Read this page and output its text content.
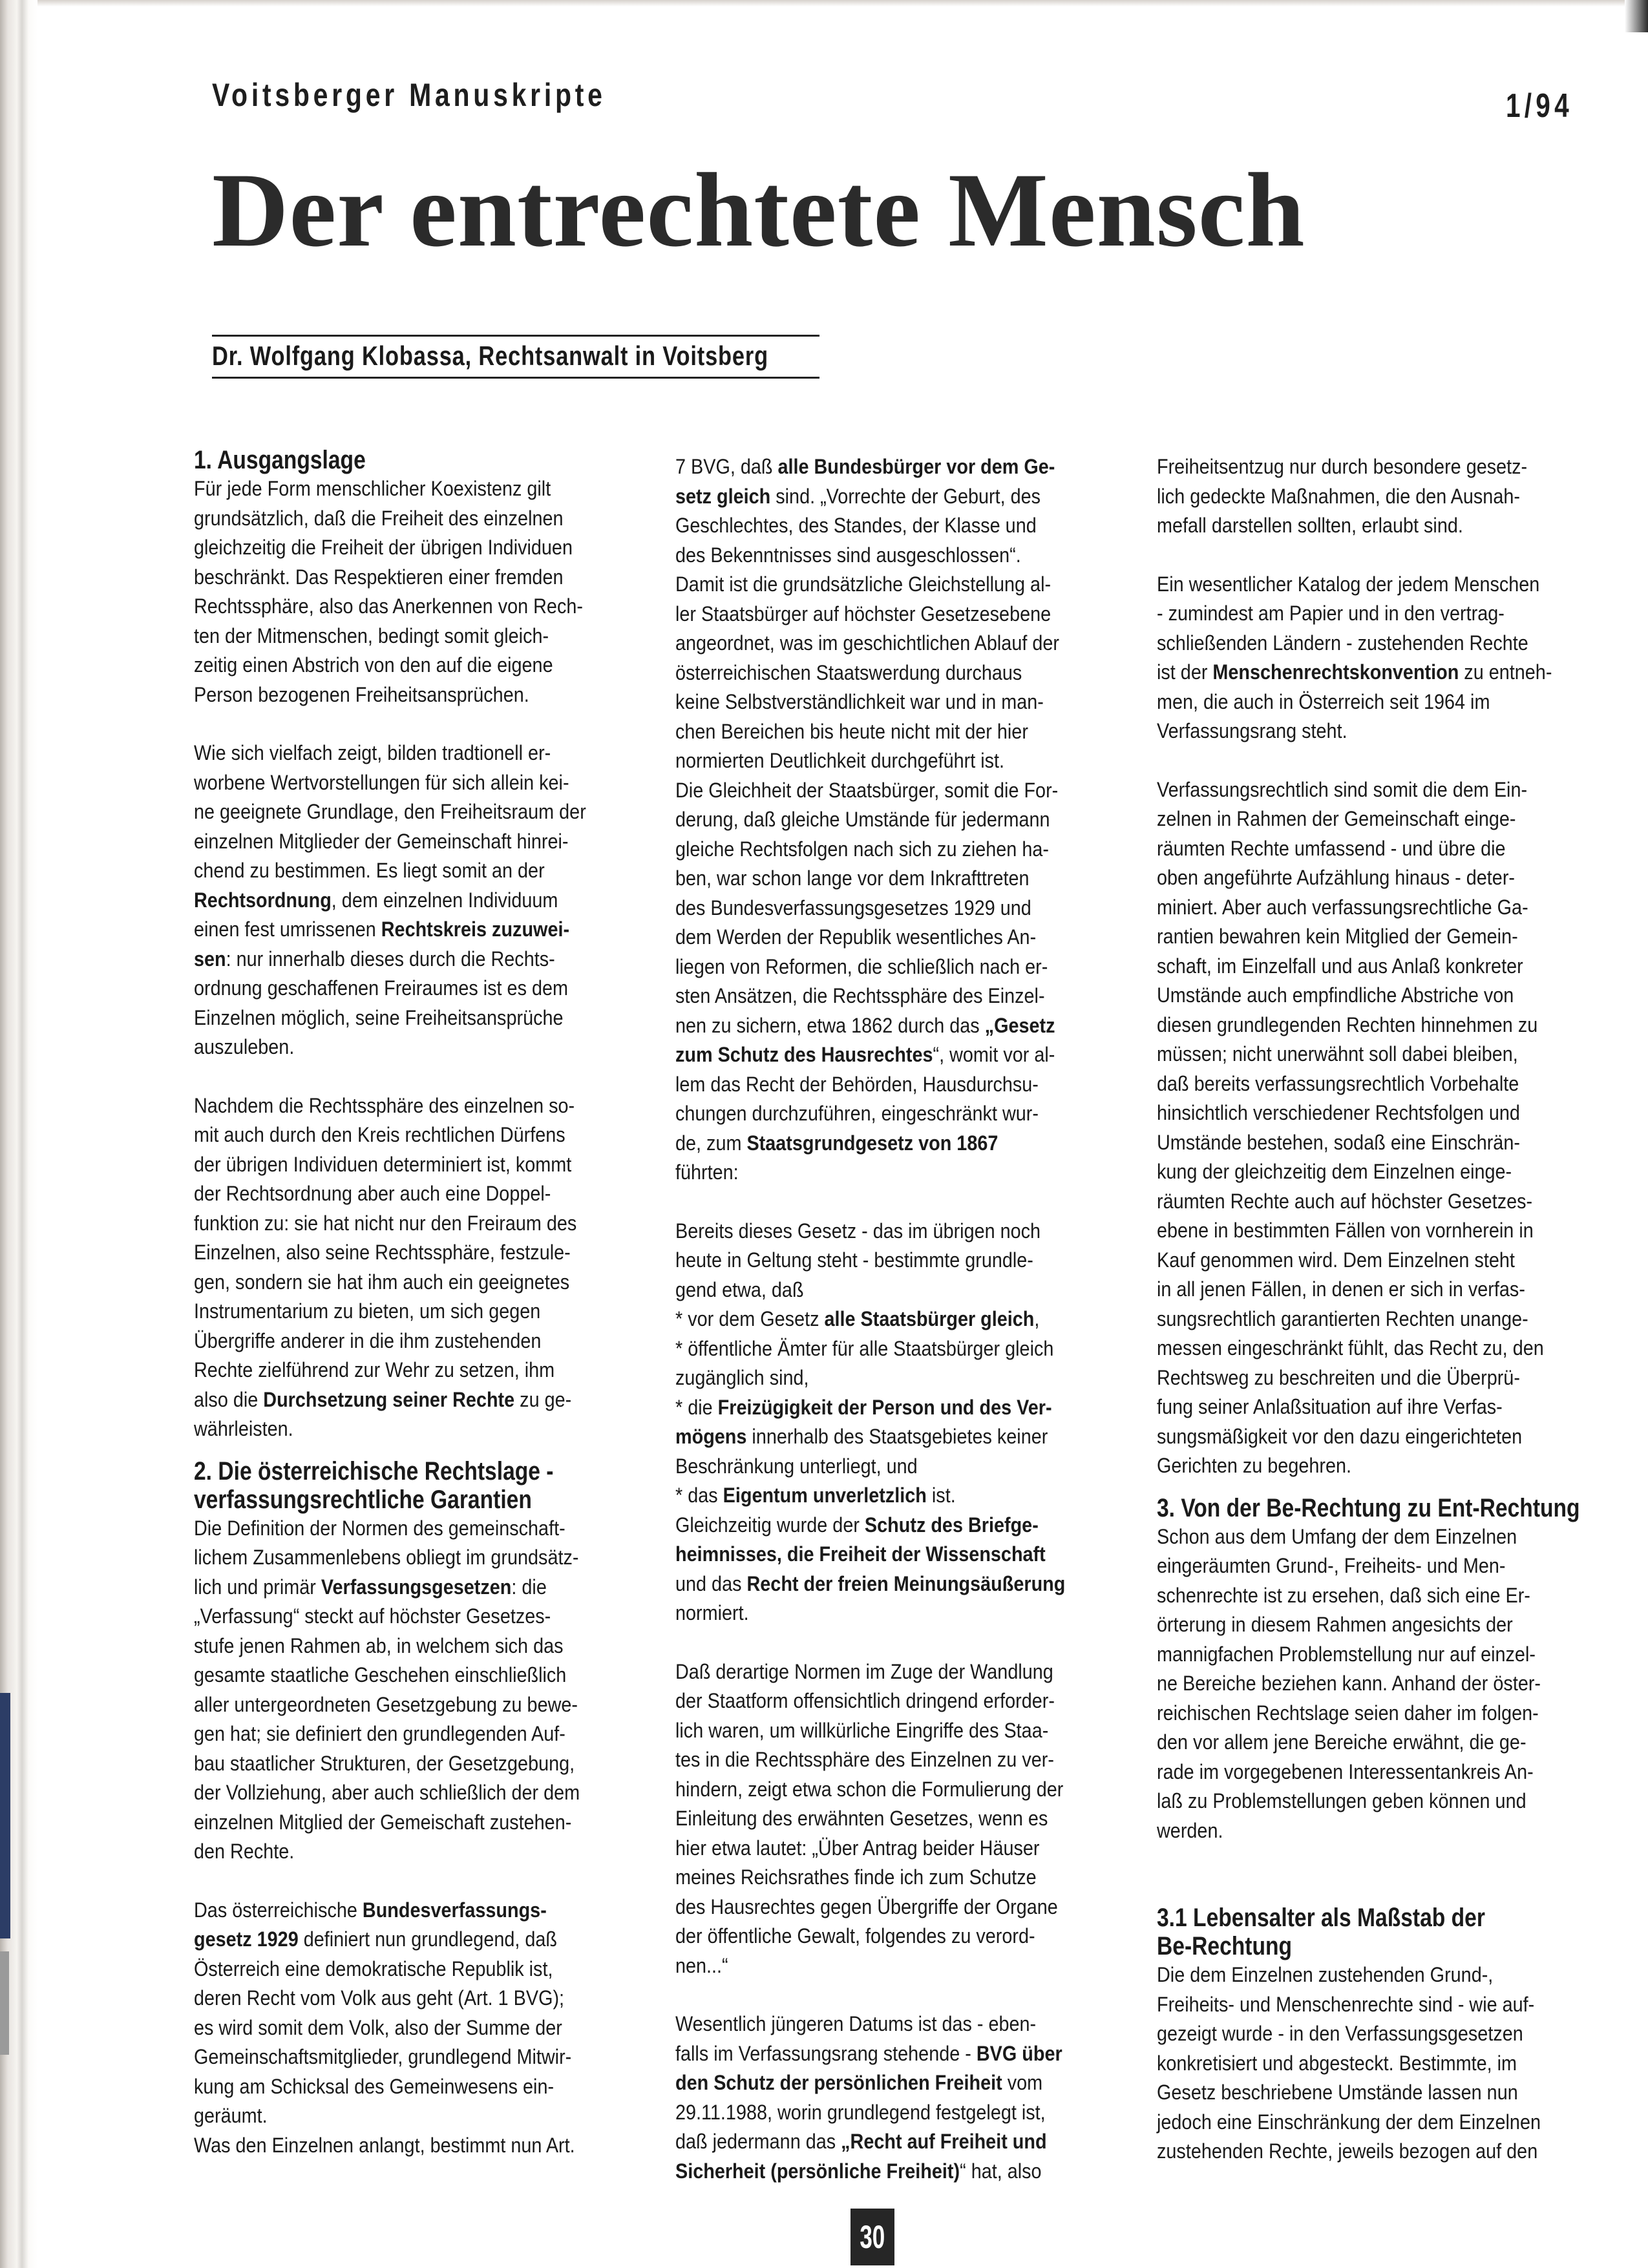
Voitsberger Manuskripte	1/94
Der entrechtete Mensch
Dr. Wolfgang Klobassa, Rechtsanwalt in Voitsberg

1. Ausgangslage

Für jede Form menschlicher Koexistenz gilt

grundsätzlich, daß die Freiheit des einzelnen

gleichzeitig die Freiheit der übrigen Individuen

beschränkt. Das Respektieren einer fremden

Rechtssphäre, also das Anerkennen von Rech-

ten der Mitmenschen, bedingt somit gleich-

zeitig einen Abstrich von den auf die eigene

Person bezogenen Freiheitsansprüchen.

Wie sich vielfach zeigt, bilden tradtionell er-

worbene Wertvorstellungen für sich allein kei-

ne geeignete Grundlage, den Freiheitsraum der

einzelnen Mitglieder der Gemeinschaft hinrei-

chend zu bestimmen. Es liegt somit an der

Rechtsordnung, dem einzelnen Individuum

einen fest umrissenen Rechtskreis zuzuwei-

sen: nur innerhalb dieses durch die Rechts-

ordnung geschaffenen Freiraumes ist es dem

Einzelnen möglich, seine Freiheitsansprüche

auszuleben.

Nachdem die Rechtssphäre des einzelnen so-

mit auch durch den Kreis rechtlichen Dürfens

der übrigen Individuen determiniert ist, kommt

der Rechtsordnung aber auch eine Doppel-

funktion zu: sie hat nicht nur den Freiraum des

Einzelnen, also seine Rechtssphäre, festzule-

gen, sondern sie hat ihm auch ein geeignetes

Instrumentarium zu bieten, um sich gegen

Übergriffe anderer in die ihm zustehenden

Rechte zielführend zur Wehr zu setzen, ihm

also die Durchsetzung seiner Rechte zu ge-

währleisten.

2. Die österreichische Rechtslage -

verfassungsrechtliche Garantien

Die Definition der Normen des gemeinschaft-

lichem Zusammenlebens obliegt im grundsätz-

lich und primär Verfassungsgesetzen: die

„Verfassung“ steckt auf höchster Gesetzes-

stufe jenen Rahmen ab, in welchem sich das

gesamte staatliche Geschehen einschließlich

aller untergeordneten Gesetzgebung zu bewe-

gen hat; sie definiert den grundlegenden Auf-

bau staatlicher Strukturen, der Gesetzgebung,

der Vollziehung, aber auch schließlich der dem

einzelnen Mitglied der Gemeischaft zustehen-

den Rechte.

Das österreichische Bundesverfassungs-

gesetz 1929 definiert nun grundlegend, daß

Österreich eine demokratische Republik ist,

deren Recht vom Volk aus geht (Art. 1 BVG);

es wird somit dem Volk, also der Summe der

Gemeinschaftsmitglieder, grundlegend Mitwir-

kung am Schicksal des Gemeinwesens ein-

geräumt.

Was den Einzelnen anlangt, bestimmt nun Art.

7 BVG, daß alle Bundesbürger vor dem Ge-

setz gleich sind. „Vorrechte der Geburt, des

Geschlechtes, des Standes, der Klasse und

des Bekenntnisses sind ausgeschlossen“.

Damit ist die grundsätzliche Gleichstellung al-

ler Staatsbürger auf höchster Gesetzesebene

angeordnet, was im geschichtlichen Ablauf der

österreichischen Staatswerdung durchaus

keine Selbstverständlichkeit war und in man-

chen Bereichen bis heute nicht mit der hier

normierten Deutlichkeit durchgeführt ist.

Die Gleichheit der Staatsbürger, somit die For-

derung, daß gleiche Umstände für jedermann

gleiche Rechtsfolgen nach sich zu ziehen ha-

ben, war schon lange vor dem Inkrafttreten

des Bundesverfassungsgesetzes 1929 und

dem Werden der Republik wesentliches An-

liegen von Reformen, die schließlich nach er-

sten Ansätzen, die Rechtssphäre des Einzel-

nen zu sichern, etwa 1862 durch das „Gesetz

zum Schutz des Hausrechtes“, womit vor al-

lem das Recht der Behörden, Hausdurchsu-

chungen durchzuführen, eingeschränkt wur-

de, zum Staatsgrundgesetz von 1867

führten:

Bereits dieses Gesetz - das im übrigen noch

heute in Geltung steht - bestimmte grundle-

gend etwa, daß

* vor dem Gesetz alle Staatsbürger gleich,

* öffentliche Ämter für alle Staatsbürger gleich

zugänglich sind,

* die Freizügigkeit der Person und des Ver-

mögens innerhalb des Staatsgebietes keiner

Beschränkung unterliegt, und

* das Eigentum unverletzlich ist.

Gleichzeitig wurde der Schutz des Briefge-

heimnisses, die Freiheit der Wissenschaft

und das Recht der freien Meinungsäußerung

normiert.

Daß derartige Normen im Zuge der Wandlung

der Staatform offensichtlich dringend erforder-

lich waren, um willkürliche Eingriffe des Staa-

tes in die Rechtssphäre des Einzelnen zu ver-

hindern, zeigt etwa schon die Formulierung der

Einleitung des erwähnten Gesetzes, wenn es

hier etwa lautet: „Über Antrag beider Häuser

meines Reichsrathes finde ich zum Schutze

des Hausrechtes gegen Übergriffe der Organe

der öffentliche Gewalt, folgendes zu verord-

nen...“

Wesentlich jüngeren Datums ist das - eben-

falls im Verfassungsrang stehende - BVG über

den Schutz der persönlichen Freiheit vom

29.11.1988, worin grundlegend festgelegt ist,

daß jedermann das „Recht auf Freiheit und

Sicherheit (persönliche Freiheit)“ hat, also

Freiheitsentzug nur durch besondere gesetz-

lich gedeckte Maßnahmen, die den Ausnah-

mefall darstellen sollten, erlaubt sind.

Ein wesentlicher Katalog der jedem Menschen

- zumindest am Papier und in den vertrag-

schließenden Ländern - zustehenden Rechte

ist der Menschenrechtskonvention zu entneh-

men, die auch in Österreich seit 1964 im

Verfassungsrang steht.

Verfassungsrechtlich sind somit die dem Ein-

zelnen in Rahmen der Gemeinschaft einge-

räumten Rechte umfassend - und übre die

oben angeführte Aufzählung hinaus - deter-

miniert. Aber auch verfassungsrechtliche Ga-

rantien bewahren kein Mitglied der Gemein-

schaft, im Einzelfall und aus Anlaß konkreter

Umstände auch empfindliche Abstriche von

diesen grundlegenden Rechten hinnehmen zu

müssen; nicht unerwähnt soll dabei bleiben,

daß bereits verfassungsrechtlich Vorbehalte

hinsichtlich verschiedener Rechtsfolgen und

Umstände bestehen, sodaß eine Einschrän-

kung der gleichzeitig dem Einzelnen einge-

räumten Rechte auch auf höchster Gesetzes-

ebene in bestimmten Fällen von vornherein in

Kauf genommen wird. Dem Einzelnen steht

in all jenen Fällen, in denen er sich in verfas-

sungsrechtlich garantierten Rechten unange-

messen eingeschränkt fühlt, das Recht zu, den

Rechtsweg zu beschreiten und die Überprü-

fung seiner Anlaßsituation auf ihre Verfas-

sungsmäßigkeit vor den dazu eingerichteten

Gerichten zu begehren.

3. Von der Be-Rechtung zu Ent-Rechtung

Schon aus dem Umfang der dem Einzelnen

eingeräumten Grund-, Freiheits- und Men-

schenrechte ist zu ersehen, daß sich eine Er-

örterung in diesem Rahmen angesichts der

mannigfachen Problemstellung nur auf einzel-

ne Bereiche beziehen kann. Anhand der öster-

reichischen Rechtslage seien daher im folgen-

den vor allem jene Bereiche erwähnt, die ge-

rade im vorgegebenen Interessentankreis An-

laß zu Problemstellungen geben können und

werden.

3.1 Lebensalter als Maßstab der

Be-Rechtung

Die dem Einzelnen zustehenden Grund-,

Freiheits- und Menschenrechte sind - wie auf-

gezeigt wurde - in den Verfassungsgesetzen

konkretisiert und abgesteckt. Bestimmte, im

Gesetz beschriebene Umstände lassen nun

jedoch eine Einschränkung der dem Einzelnen

zustehenden Rechte, jeweils bezogen auf den

30
